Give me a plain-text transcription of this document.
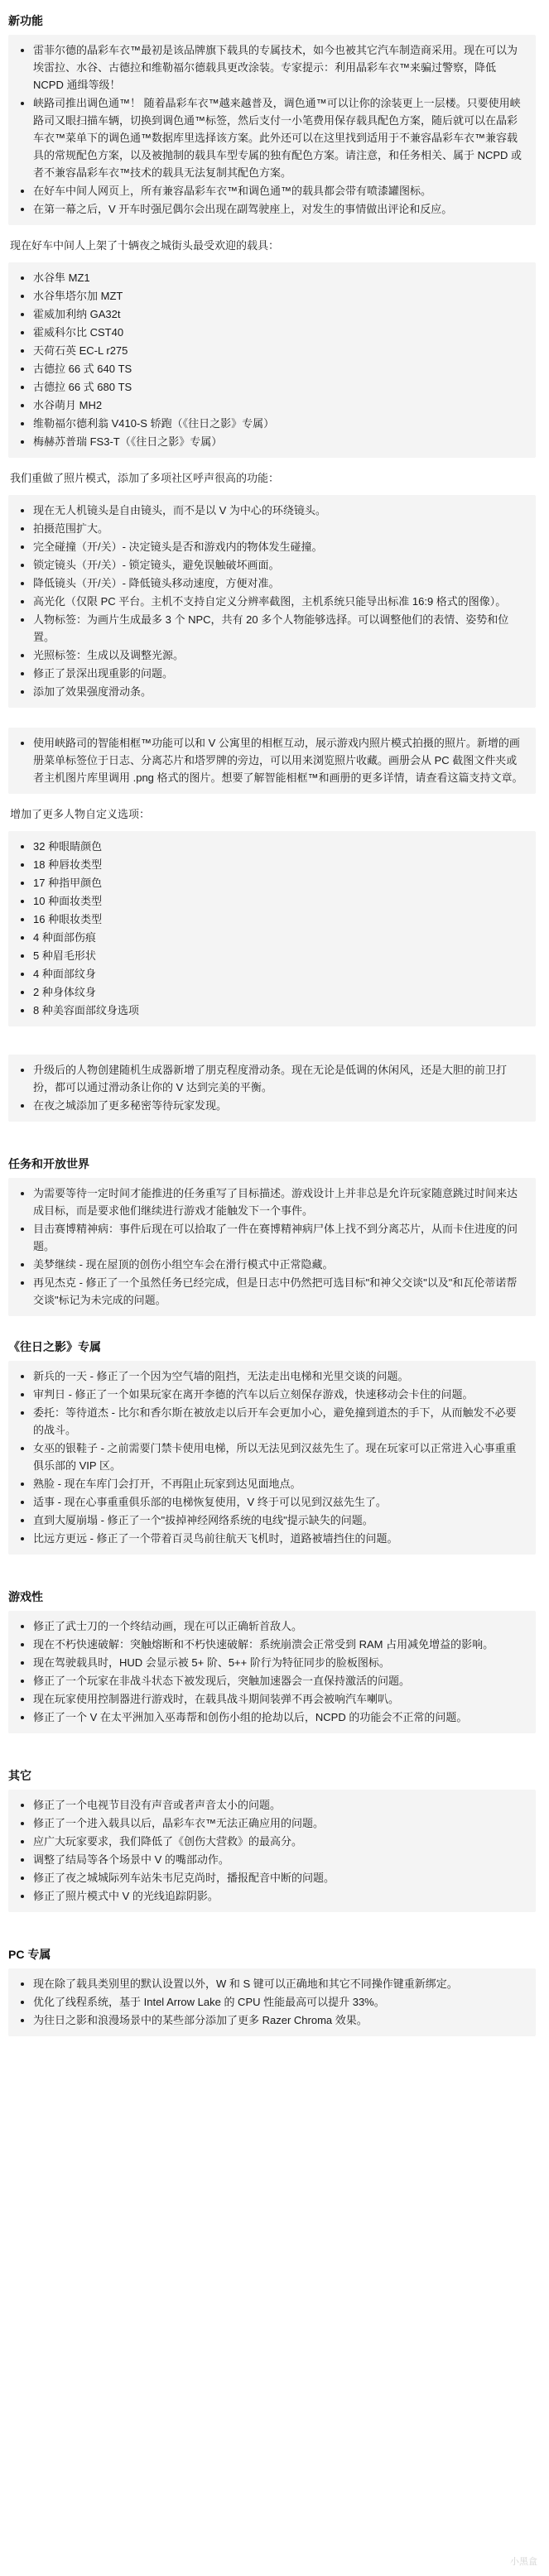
新功能
• 雷菲尔德的晶彩车衣™最初是该品牌旗下载具的专属技术，如今也被其它汽车制造商采用。现在可以为埃雷拉、水谷、古德拉和维勒福尔德载具更改涂装。专家提示：利用晶彩车衣™来骗过警察，降低 NCPD 通缉等级！
• 峡路司推出调色通™！ 随着晶彩车衣™越来越普及，调色通™可以让你的涂装更上一层楼。只要使用峡路司又眼扫描车辆，切换到调色通™标签，然后支付一小笔费用保存载具配色方案，随后就可以在晶彩车衣™菜单下的调色通™数据库里选择该方案。此外还可以在这里找到适用于不兼容晶彩车衣™兼容载具的常规配色方案，以及被抛制的载具车型专属的独有配色方案。请注意，和任务相关、属于 NCPD 或者不兼容晶彩车衣™技术的载具无法复制其配色方案。
• 在好车中间人网页上，所有兼容晶彩车衣™和调色通™的载具都会带有喷漆罐图标。
• 在第一幕之后，V 开车时强尼偶尔会出现在副驾驶座上，对发生的事情做出评论和反应。

现在好车中间人上架了十辆夜之城街头最受欢迎的载具：

• 水谷隼 MZ1
• 水谷隼塔尔加 MZT
• 霍威加利纳 GA32t
• 霍威科尔比 CST40
• 天荷石英 EC-L r275
• 古德拉 66 式 640 TS
• 古德拉 66 式 680 TS
• 水谷萌月 MH2
• 维勒福尔德利翁 V410-S 轿跑（《往日之影》专属）
• 梅赫苏普瑞 FS3-T（《往日之影》专属）

我们重做了照片模式，添加了多项社区呼声很高的功能：

• 现在无人机镜头是自由镜头，而不是以 V 为中心的环绕镜头。
• 拍摄范围扩大。
• 完全碰撞（开/关）- 决定镜头是否和游戏内的物体发生碰撞。
• 锁定镜头（开/关）- 锁定镜头，避免误触破坏画面。
• 降低镜头（开/关）- 降低镜头移动速度，方便对准。
• 高光化（仅限 PC 平台。主机不支持自定义分辨率截图，主机系统只能导出标准 16:9 格式的图像）。
• 人物标签：为画片生成最多 3 个 NPC，共有 20 多个人物能够选择。可以调整他们的表情、姿势和位置。
• 光照标签：生成以及调整光源。
• 修正了景深出现重影的问题。
• 添加了效果强度滑动条。
• 使用峡路司的智能相框™功能可以和 V 公寓里的相框互动，展示游戏内照片模式拍摄的照片。新增的画册菜单标签位于日志、分离芯片和塔罗牌的旁边，可以用来浏览照片收藏。画册会从 PC 截图文件夹或者主机图片库里调用 .png 格式的图片。想要了解智能相框™和画册的更多详情，请查看这篇支持文章。

增加了更多人物自定义选项：

• 32 种眼睛颜色
• 18 种唇妆类型
• 17 种指甲颜色
• 10 种面妆类型
• 16 种眼妆类型
• 4 种面部伤痕
• 5 种眉毛形状
• 4 种面部纹身
• 2 种身体纹身
• 8 种美容面部纹身选项
• 升级后的人物创建随机生成器新增了朋克程度滑动条。现在无论是低调的休闲风，还是大胆的前卫打扮，都可以通过滑动条让你的 V 达到完美的平衡。
• 在夜之城添加了更多秘密等待玩家发现。
任务和开放世界
• 为需要等待一定时间才能推进的任务重写了目标描述。游戏设计上并非总是允许玩家随意跳过时间来达成目标，而是要求他们继续进行游戏才能触发下一个事件。
• 目击赛博精神病：事件后现在可以拾取了一件在赛博精神病尸体上找不到分离芯片，从而卡住进度的问题。
• 美梦继续 - 现在屋顶的创伤小组空车会在滑行模式中正常隐藏。
• 再见杰克 - 修正了一个虽然任务已经完成，但是日志中仍然把可选目标"和神父交谈"以及"和瓦伦蒂诺帮交谈"标记为未完成的问题。
《往日之影》专属
• 新兵的一天 - 修正了一个因为空气墙的阻挡，无法走出电梯和光里交谈的问题。
• 审判日 - 修正了一个如果玩家在离开李德的汽车以后立刻保存游戏，快速移动会卡住的问题。
• 委托：等待道杰 - 比尔和香尔斯在被放走以后开车会更加小心，避免撞到道杰的手下，从而触发不必要的战斗。
• 女巫的银鞋子 - 之前需要门禁卡使用电梯，所以无法见到汉兹先生了。现在玩家可以正常进入心事重重俱乐部的 VIP 区。
• 熟脸 - 现在车库门会打开，不再阻止玩家到达见面地点。
• 适事 - 现在心事重重俱乐部的电梯恢复使用，V 终于可以见到汉兹先生了。
• 直到大厦崩塌 - 修正了一个"拔掉神经网络系统的电线"提示缺失的问题。
• 比远方更远 - 修正了一个带着百灵鸟前往航天飞机时，道路被墙挡住的问题。
游戏性
• 修正了武士刀的一个终结动画，现在可以正确斩首敌人。
• 现在不朽快速破解：突触熔断和不朽快速破解：系统崩溃会正常受到 RAM 占用减免增益的影响。
• 现在驾驶载具时，HUD 会显示被 5+ 阶、5++ 阶行为特征同步的脸板图标。
• 修正了一个玩家在非战斗状态下被发现后，突触加速器会一直保持激活的问题。
• 现在玩家使用控制器进行游戏时，在载具战斗期间装弹不再会被响汽车喇叭。
• 修正了一个 V 在太平洲加入巫毒帮和创伤小组的抢劫以后，NCPD 的功能会不正常的问题。
其它
• 修正了一个电视节目没有声音或者声音太小的问题。
• 修正了一个进入载具以后，晶彩车衣™无法正确应用的问题。
• 应广大玩家要求，我们降低了《创伤大营救》的最高分。
• 调整了结局等各个场景中 V 的嘴部动作。
• 修正了夜之城城际列车站朱韦尼克尚时，播报配音中断的问题。
• 修正了照片模式中 V 的光线追踪阴影。
PC 专属
• 现在除了载具类别里的默认设置以外，W 和 S 键可以正确地和其它不同操作键重新绑定。
• 优化了线程系统，基于 Intel Arrow Lake 的 CPU 性能最高可以提升 33%。
• 为往日之影和浪漫场景中的某些部分添加了更多 Razer Chroma 效果。
小黑盒
